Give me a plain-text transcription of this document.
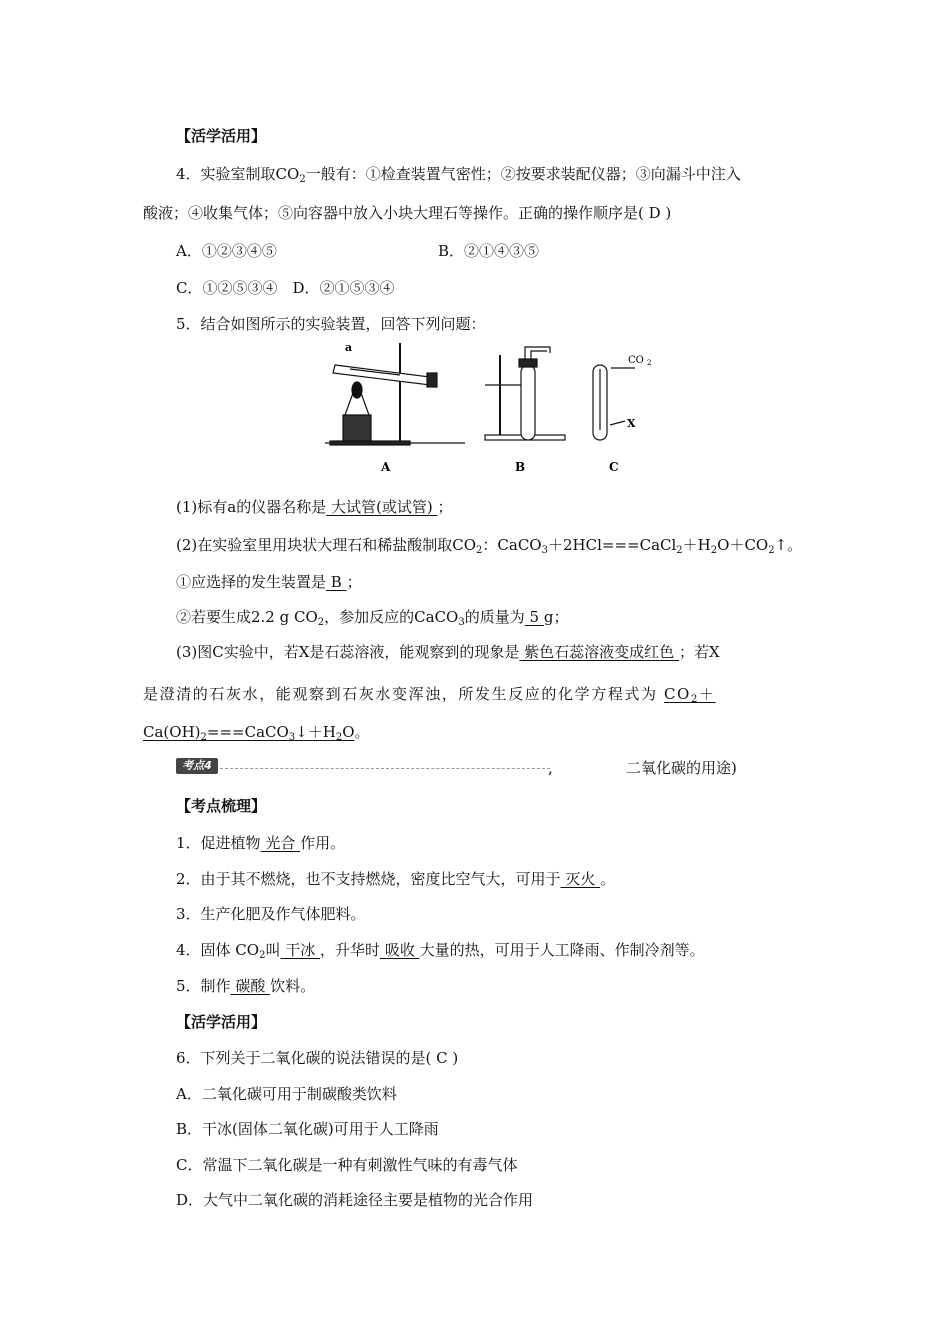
【活学活用】
4．实验室制取$CO_2$一般有：①检查装置气密性；②按要求装配仪器；③向漏斗中注入
酸液；④收集气体；⑤向容器中放入小块大理石等操作。正确的操作顺序是( D )
A．①②③④⑤	B．②①④③⑤
C．①②⑤③④　D．②①⑤③④
5．结合如图所示的实验装置，回答下列问题：
a
A	B	C
CO 2
X
(1)标有a的仪器名称是 大试管(或试管) ；
(2)在实验室里用块状大理石和稀盐酸制取$CO_2$：$CaCO_3+2HCl===CaCl_2+H_2O+CO_2↑$。
①应选择的发生装置是 B ；
②若要生成2.2 g $CO_2$，参加反应的CaCO$_3$的质量为 5 g；
(3)图C实验中，若X是石蕊溶液，能观察到的现象是 紫色石蕊溶液变成红色 ；若X
是澄清的石灰水，能观察到石灰水变浑浊，所发生反应的化学方程式为 $CO_2+$
$Ca(OH)_2===CaCO_3↓+H_2O$。
考点4	,	二氧化碳的用途)
【考点梳理】
1．促进植物 光合 作用。
2．由于其不燃烧，也不支持燃烧，密度比空气大，可用于 灭火 。
3．生产化肥及作气体肥料。
4．固体 $CO_2$叫 干冰 ，升华时 吸收 大量的热，可用于人工降雨、作制冷剂等。
5．制作 碳酸 饮料。
【活学活用】
6．下列关于二氧化碳的说法错误的是( C )
A．二氧化碳可用于制碳酸类饮料
B．干冰(固体二氧化碳)可用于人工降雨
C．常温下二氧化碳是一种有刺激性气味的有毒气体
D．大气中二氧化碳的消耗途径主要是植物的光合作用
